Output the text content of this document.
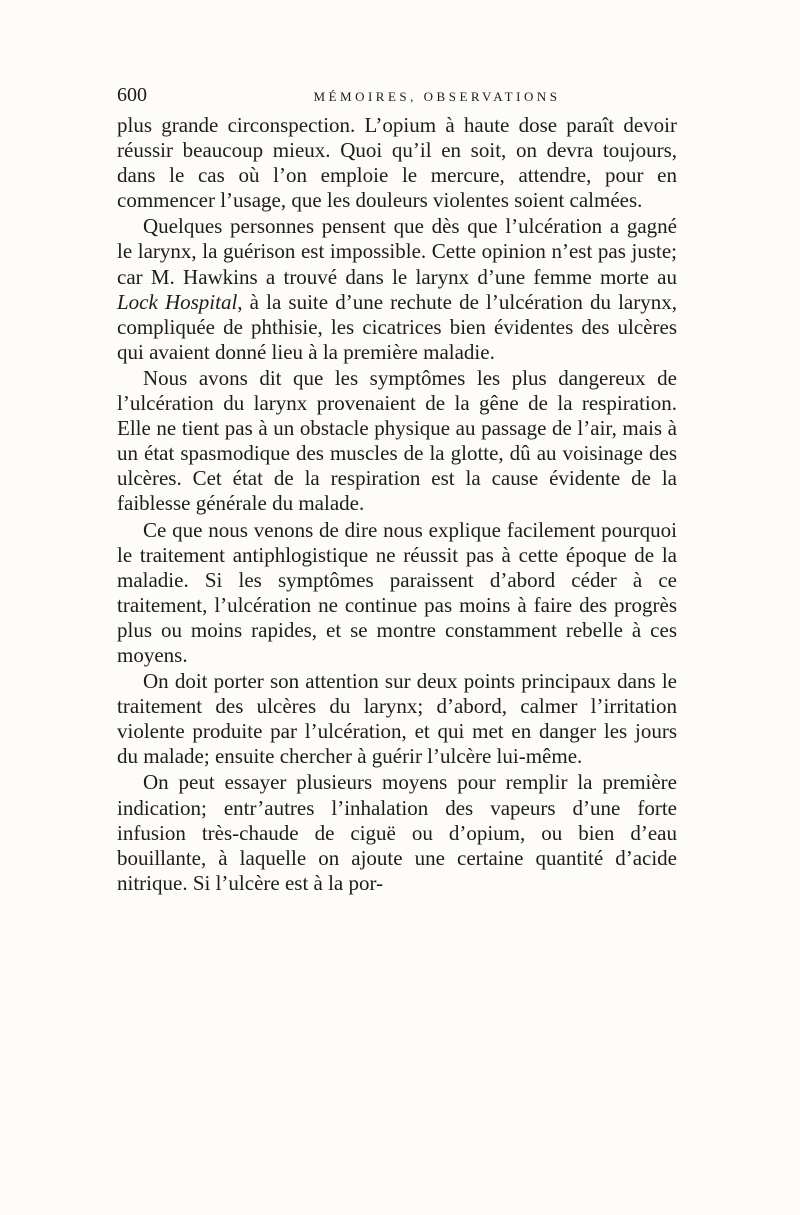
600	MÉMOIRES, OBSERVATIONS

plus grande circonspection. L’opium à haute dose paraît devoir réussir beaucoup mieux. Quoi qu’il en soit, on devra toujours, dans le cas où l’on emploie le mercure, attendre, pour en commencer l’usage, que les douleurs violentes soient calmées.

Quelques personnes pensent que dès que l’ulcération a gagné le larynx, la guérison est impossible. Cette opinion n’est pas juste; car M. Hawkins a trouvé dans le larynx d’une femme morte au Lock Hospital, à la suite d’une rechute de l’ulcération du larynx, compliquée de phthisie, les cicatrices bien évidentes des ulcères qui avaient donné lieu à la première maladie.

Nous avons dit que les symptômes les plus dangereux de l’ulcération du larynx provenaient de la gêne de la respiration. Elle ne tient pas à un obstacle physique au passage de l’air, mais à un état spasmodique des muscles de la glotte, dû au voisinage des ulcères. Cet état de la respiration est la cause évidente de la faiblesse générale du malade.

Ce que nous venons de dire nous explique facilement pourquoi le traitement antiphlogistique ne réussit pas à cette époque de la maladie. Si les symptômes paraissent d’abord céder à ce traitement, l’ulcération ne continue pas moins à faire des progrès plus ou moins rapides, et se montre constamment rebelle à ces moyens.

On doit porter son attention sur deux points principaux dans le traitement des ulcères du larynx; d’abord, calmer l’irritation violente produite par l’ulcération, et qui met en danger les jours du malade; ensuite chercher à guérir l’ulcère lui-même.

On peut essayer plusieurs moyens pour remplir la première indication; entr’autres l’inhalation des vapeurs d’une forte infusion très-chaude de ciguë ou d’opium, ou bien d’eau bouillante, à laquelle on ajoute une certaine quantité d’acide nitrique. Si l’ulcère est à la por-
